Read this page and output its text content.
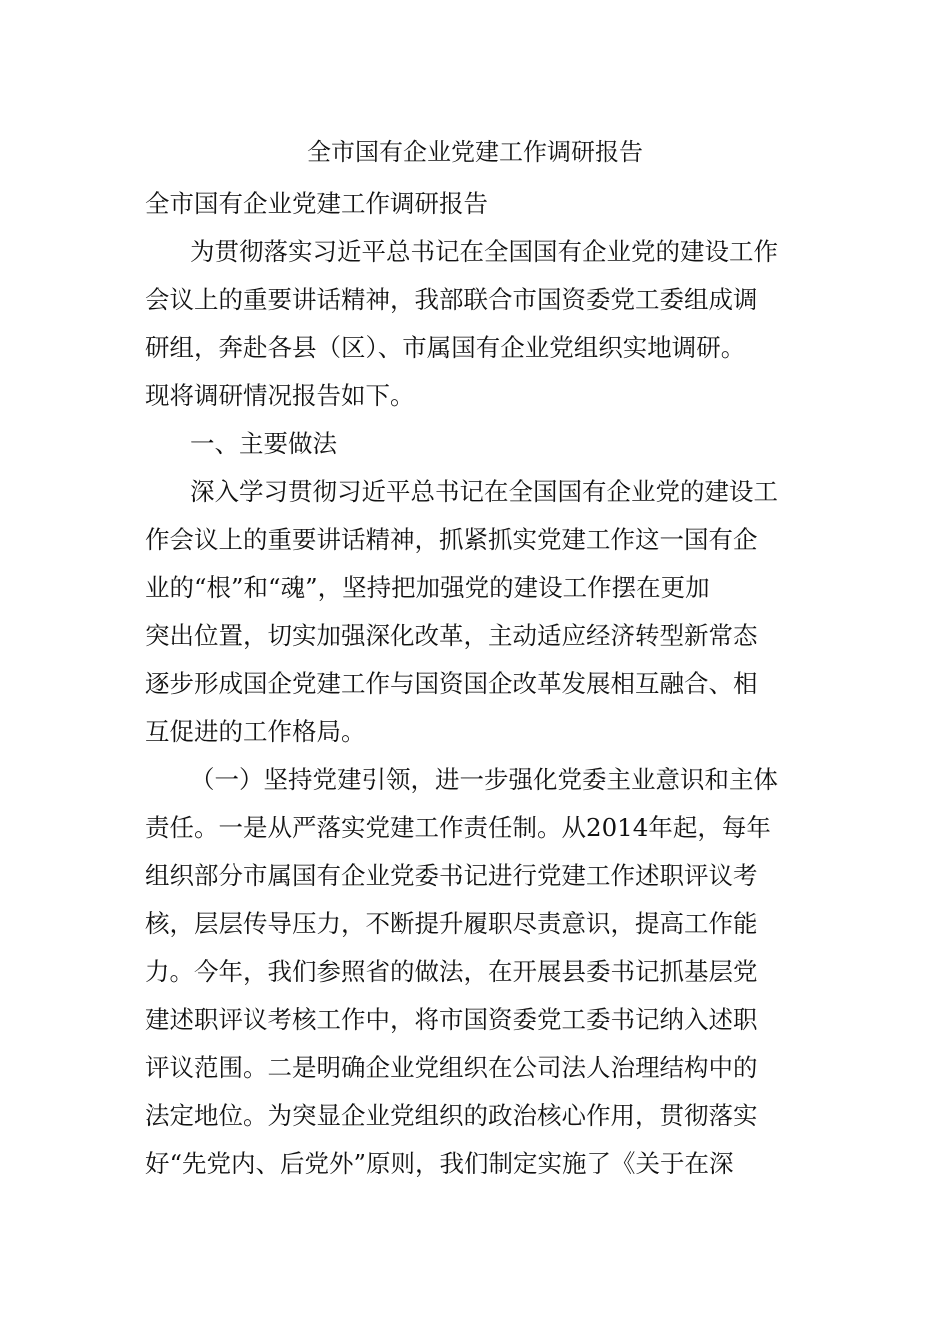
全市国有企业党建工作调研报告
全市国有企业党建工作调研报告
为贯彻落实习近平总书记在全国国有企业党的建设工作
会议上的重要讲话精神，我部联合市国资委党工委组成调
研组，奔赴各县（区）、市属国有企业党组织实地调研。
现将调研情况报告如下。
一、主要做法
深入学习贯彻习近平总书记在全国国有企业党的建设工
作会议上的重要讲话精神，抓紧抓实党建工作这一国有企
业的“根”和“魂”，坚持把加强党的建设工作摆在更加
突出位置，切实加强深化改革，主动适应经济转型新常态
逐步形成国企党建工作与国资国企改革发展相互融合、相
互促进的工作格局。
（一）坚持党建引领，进一步强化党委主业意识和主体
责任。一是从严落实党建工作责任制。从2014年起，每年
组织部分市属国有企业党委书记进行党建工作述职评议考
核，层层传导压力，不断提升履职尽责意识，提高工作能
力。今年，我们参照省的做法，在开展县委书记抓基层党
建述职评议考核工作中，将市国资委党工委书记纳入述职
评议范围。二是明确企业党组织在公司法人治理结构中的
法定地位。为突显企业党组织的政治核心作用，贯彻落实
好“先党内、后党外”原则，我们制定实施了《关于在深
